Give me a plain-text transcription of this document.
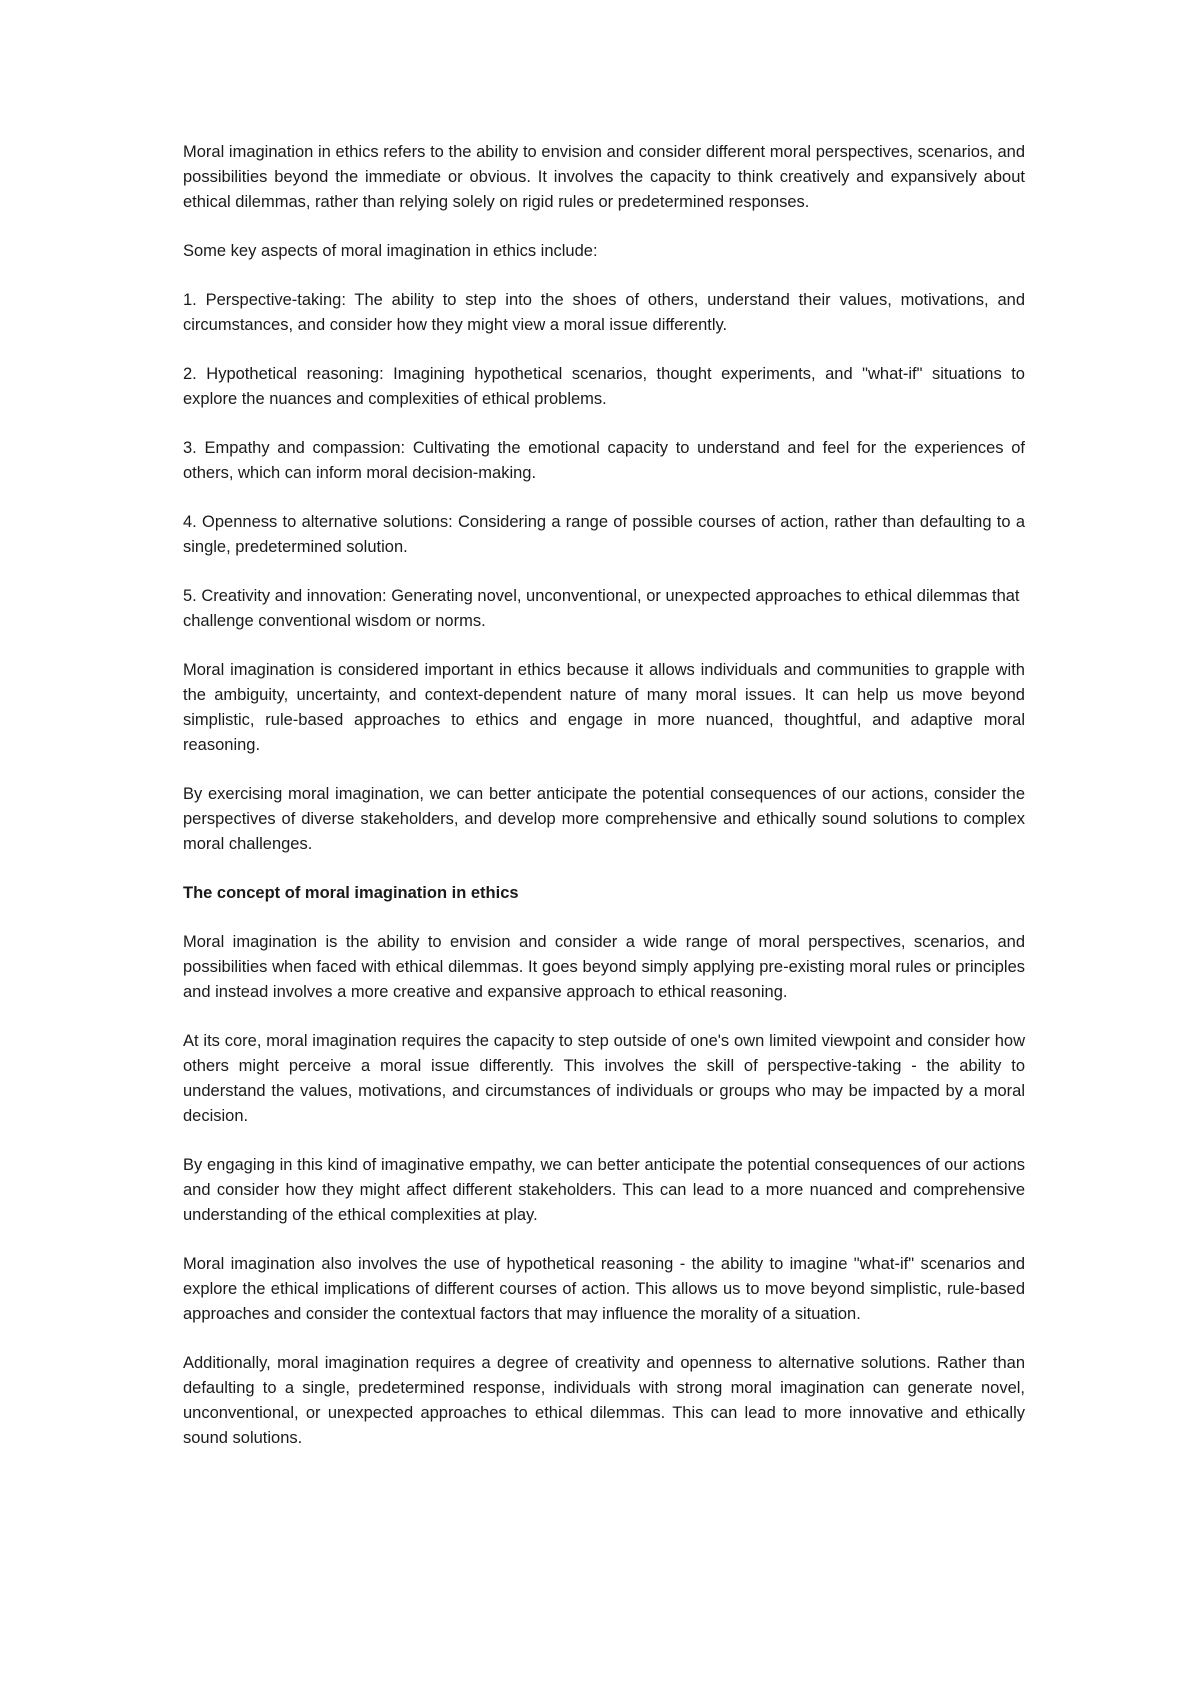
Moral imagination in ethics refers to the ability to envision and consider different moral perspectives, scenarios, and possibilities beyond the immediate or obvious. It involves the capacity to think creatively and expansively about ethical dilemmas, rather than relying solely on rigid rules or predetermined responses.

Some key aspects of moral imagination in ethics include:

1. Perspective-taking: The ability to step into the shoes of others, understand their values, motivations, and circumstances, and consider how they might view a moral issue differently.

2. Hypothetical reasoning: Imagining hypothetical scenarios, thought experiments, and "what-if" situations to explore the nuances and complexities of ethical problems.

3. Empathy and compassion: Cultivating the emotional capacity to understand and feel for the experiences of others, which can inform moral decision-making.

4. Openness to alternative solutions: Considering a range of possible courses of action, rather than defaulting to a single, predetermined solution.

5. Creativity and innovation: Generating novel, unconventional, or unexpected approaches to ethical dilemmas that challenge conventional wisdom or norms.

Moral imagination is considered important in ethics because it allows individuals and communities to grapple with the ambiguity, uncertainty, and context-dependent nature of many moral issues. It can help us move beyond simplistic, rule-based approaches to ethics and engage in more nuanced, thoughtful, and adaptive moral reasoning.

By exercising moral imagination, we can better anticipate the potential consequences of our actions, consider the perspectives of diverse stakeholders, and develop more comprehensive and ethically sound solutions to complex moral challenges.

The concept of moral imagination in ethics

Moral imagination is the ability to envision and consider a wide range of moral perspectives, scenarios, and possibilities when faced with ethical dilemmas. It goes beyond simply applying pre-existing moral rules or principles and instead involves a more creative and expansive approach to ethical reasoning.

At its core, moral imagination requires the capacity to step outside of one's own limited viewpoint and consider how others might perceive a moral issue differently. This involves the skill of perspective-taking - the ability to understand the values, motivations, and circumstances of individuals or groups who may be impacted by a moral decision.

By engaging in this kind of imaginative empathy, we can better anticipate the potential consequences of our actions and consider how they might affect different stakeholders. This can lead to a more nuanced and comprehensive understanding of the ethical complexities at play.

Moral imagination also involves the use of hypothetical reasoning - the ability to imagine "what-if" scenarios and explore the ethical implications of different courses of action. This allows us to move beyond simplistic, rule-based approaches and consider the contextual factors that may influence the morality of a situation.

Additionally, moral imagination requires a degree of creativity and openness to alternative solutions. Rather than defaulting to a single, predetermined response, individuals with strong moral imagination can generate novel, unconventional, or unexpected approaches to ethical dilemmas. This can lead to more innovative and ethically sound solutions.
